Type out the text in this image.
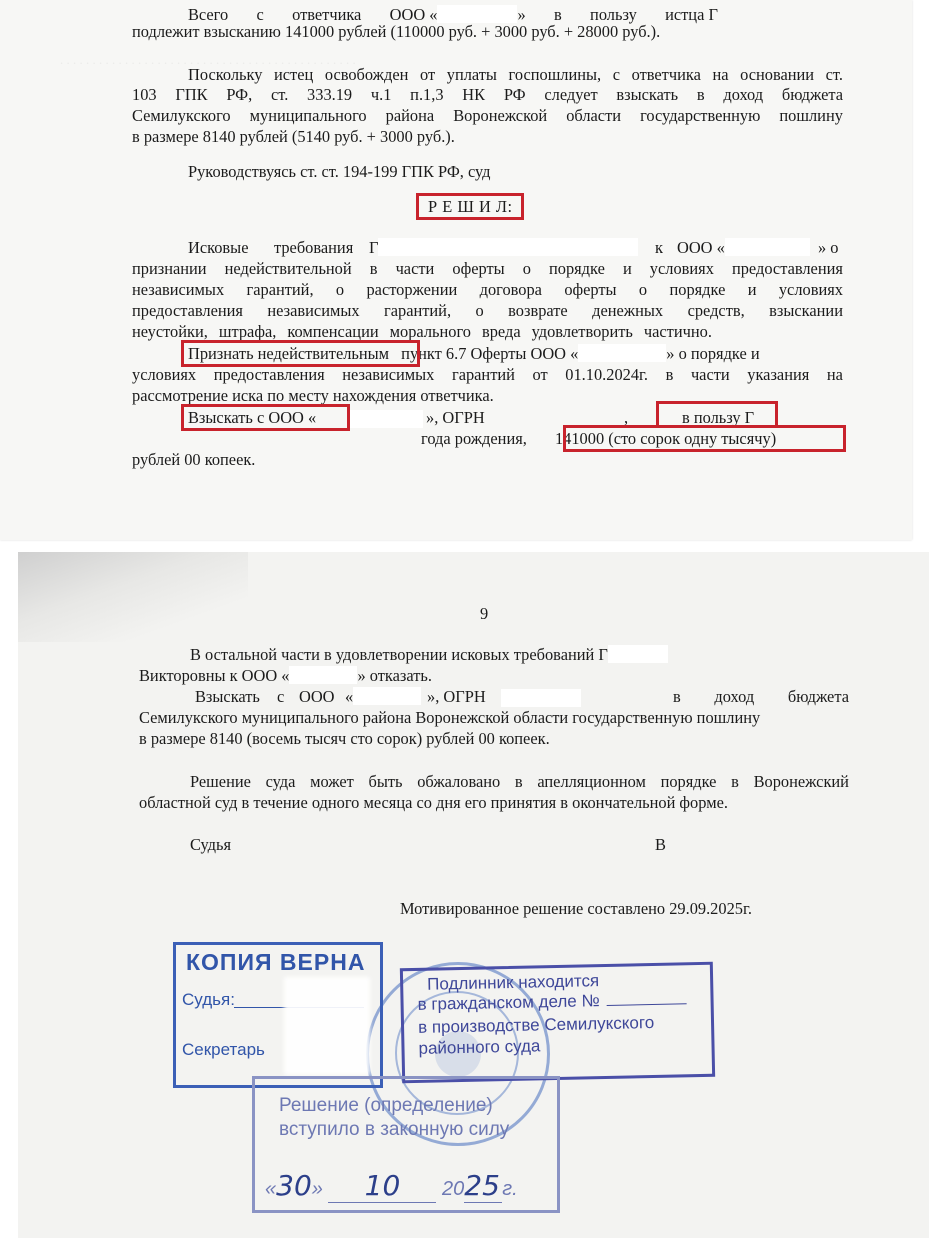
. . . . . . . . . . . . . . . . . . . . . . . . . . . . . . . . . . . . . . . . . . . . . .
Всего с ответчика ООО «	» в пользу истца Г
подлежит взысканию 141000 рублей (110000 руб. + 3000 руб. + 28000 руб.).
Поскольку истец освобожден от уплаты госпошлины, с ответчика на основании ст.
103 ГПК РФ, ст. 333.19 ч.1 п.1,3 НК РФ следует взыскать в доход бюджета
Семилукского муниципального района Воронежской области государственную пошлину
в размере 8140 рублей (5140 руб. + 3000 руб.).
Руководствуясь ст. ст. 194-199 ГПК РФ, суд
Р Е Ш И Л:
Исковые требования Г	к ООО «	» о
признании недействительной в части оферты о порядке и условиях предоставления
независимых гарантий, о расторжении договора оферты о порядке и условиях
предоставления независимых гарантий, о возврате денежных средств, взыскании
неустойки, штрафа, компенсации морального вреда удовлетворить частично.
Признать недействительным пункт 6.7 Оферты ООО «	» о порядке и
условиях предоставления независимых гарантий от 01.10.2024г. в части указания на
рассмотрение иска по месту нахождения ответчика.
Взыскать с ООО «	», ОГРН	,	в пользу Г
года рождения, 141000 (сто сорок одну тысячу)
рублей 00 копеек.
9
В остальной части в удовлетворении исковых требований Г
Викторовны к ООО «	» отказать.
Взыскать с ООО «	», ОГРН	в доход бюджета
Семилукского муниципального района Воронежской области государственную пошлину
в размере 8140 (восемь тысяч сто сорок) рублей 00 копеек.
Решение суда может быть обжаловано в апелляционном порядке в Воронежский
областной суд в течение одного месяца со дня его принятия в окончательной форме.
Судья	В
Мотивированное решение составлено 29.09.2025г.
КОПИЯ ВЕРНА
Судья:
Секретарь
Подлинник находится
в гражданском деле №
в производстве Семилукского
районного суда
Решение (определение)
вступило в законную силу
«30» 10 2025 г.
